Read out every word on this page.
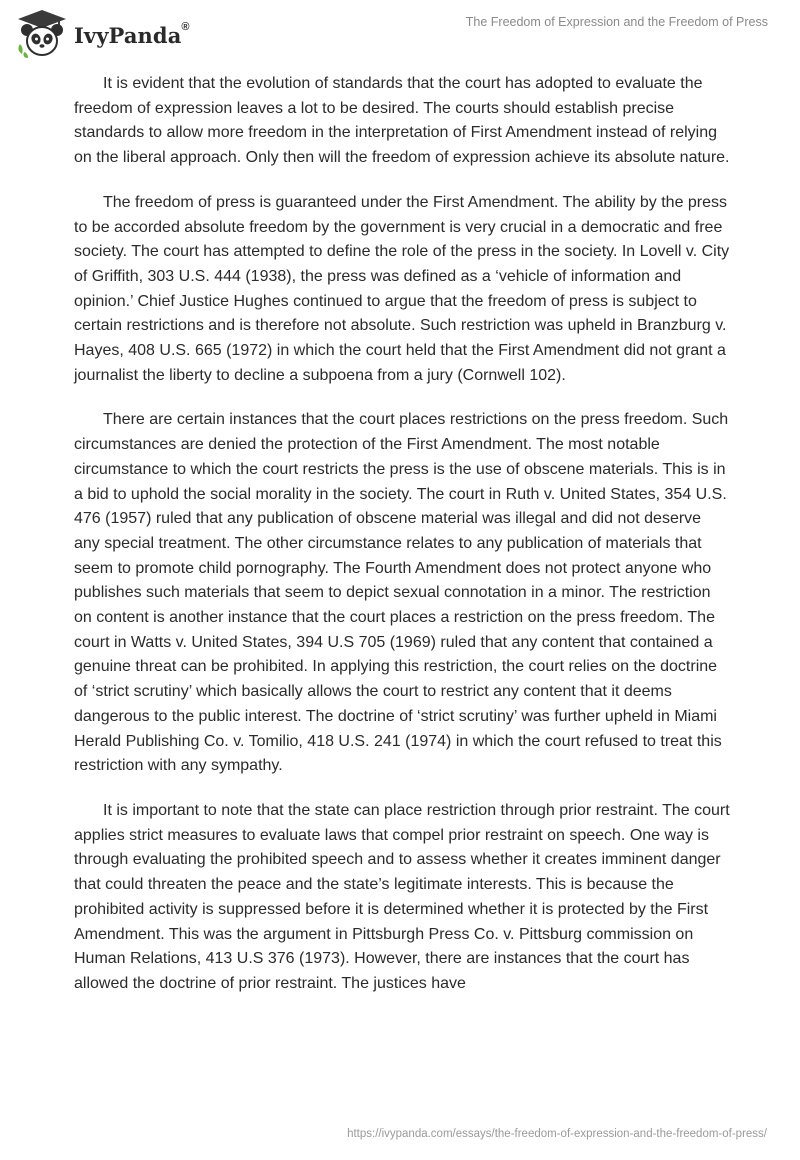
IvyPanda®	The Freedom of Expression and the Freedom of Press

It is evident that the evolution of standards that the court has adopted to evaluate the freedom of expression leaves a lot to be desired. The courts should establish precise standards to allow more freedom in the interpretation of First Amendment instead of relying on the liberal approach. Only then will the freedom of expression achieve its absolute nature.

The freedom of press is guaranteed under the First Amendment. The ability by the press to be accorded absolute freedom by the government is very crucial in a democratic and free society. The court has attempted to define the role of the press in the society. In Lovell v. City of Griffith, 303 U.S. 444 (1938), the press was defined as a ‘vehicle of information and opinion.’ Chief Justice Hughes continued to argue that the freedom of press is subject to certain restrictions and is therefore not absolute. Such restriction was upheld in Branzburg v. Hayes, 408 U.S. 665 (1972) in which the court held that the First Amendment did not grant a journalist the liberty to decline a subpoena from a jury (Cornwell 102).

There are certain instances that the court places restrictions on the press freedom. Such circumstances are denied the protection of the First Amendment. The most notable circumstance to which the court restricts the press is the use of obscene materials. This is in a bid to uphold the social morality in the society. The court in Ruth v. United States, 354 U.S. 476 (1957) ruled that any publication of obscene material was illegal and did not deserve any special treatment. The other circumstance relates to any publication of materials that seem to promote child pornography. The Fourth Amendment does not protect anyone who publishes such materials that seem to depict sexual connotation in a minor. The restriction on content is another instance that the court places a restriction on the press freedom. The court in Watts v. United States, 394 U.S 705 (1969) ruled that any content that contained a genuine threat can be prohibited. In applying this restriction, the court relies on the doctrine of ‘strict scrutiny’ which basically allows the court to restrict any content that it deems dangerous to the public interest. The doctrine of ‘strict scrutiny’ was further upheld in Miami Herald Publishing Co. v. Tomilio, 418 U.S. 241 (1974) in which the court refused to treat this restriction with any sympathy.

It is important to note that the state can place restriction through prior restraint. The court applies strict measures to evaluate laws that compel prior restraint on speech. One way is through evaluating the prohibited speech and to assess whether it creates imminent danger that could threaten the peace and the state’s legitimate interests. This is because the prohibited activity is suppressed before it is determined whether it is protected by the First Amendment. This was the argument in Pittsburgh Press Co. v. Pittsburg commission on Human Relations, 413 U.S 376 (1973). However, there are instances that the court has allowed the doctrine of prior restraint. The justices have

https://ivypanda.com/essays/the-freedom-of-expression-and-the-freedom-of-press/
